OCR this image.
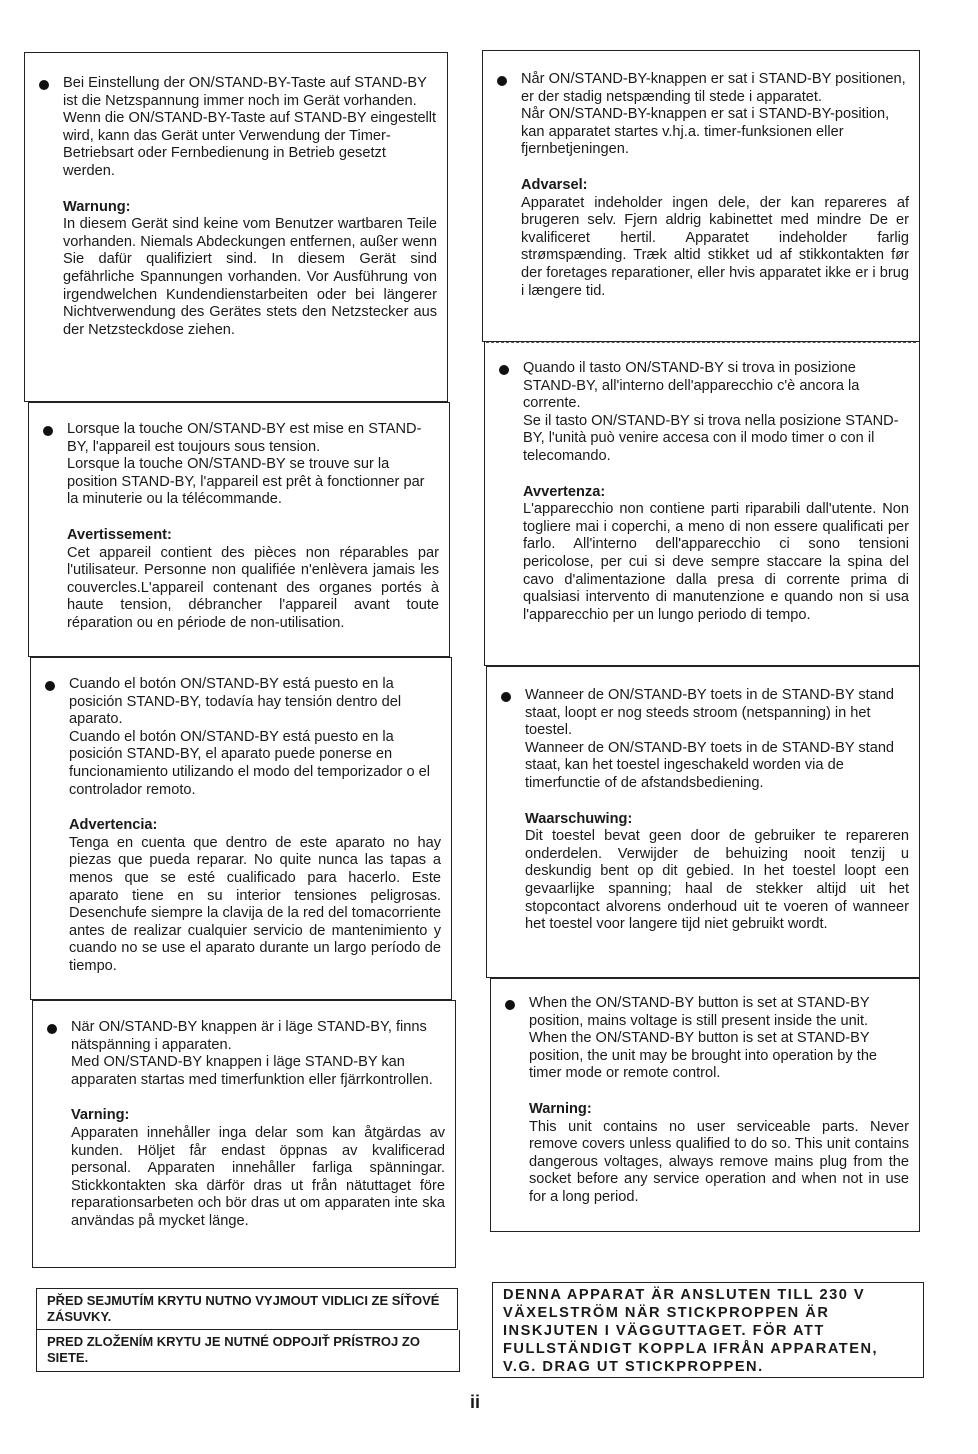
Bei Einstellung der ON/STAND-BY-Taste auf STAND-BY ist die Netzspannung immer noch im Gerät vorhanden.

Wenn die ON/STAND-BY-Taste auf STAND-BY eingestellt wird, kann das Gerät unter Verwendung der Timer-Betriebsart oder Fernbedienung in Betrieb gesetzt werden.

Warnung:

In diesem Gerät sind keine vom Benutzer wartbaren Teile vorhanden. Niemals Abdeckungen entfernen, außer wenn Sie dafür qualifiziert sind. In diesem Gerät sind gefährliche Spannungen vorhanden. Vor Ausführung von irgendwelchen Kundendienstarbeiten oder bei längerer Nichtverwendung des Gerätes stets den Netzstecker aus der Netzsteckdose ziehen.

Lorsque la touche ON/STAND-BY est mise en STAND-BY, l'appareil est toujours sous tension.

Lorsque la touche ON/STAND-BY se trouve sur la position STAND-BY, l'appareil est prêt à fonctionner par la minuterie ou la télécommande.

Avertissement:

Cet appareil contient des pièces non réparables par l'utilisateur. Personne non qualifiée n'enlèvera jamais les couvercles.L'appareil contenant des organes portés à haute tension, débrancher l'appareil avant toute réparation ou en période de non-utilisation.

Cuando el botón ON/STAND-BY está puesto en la posición STAND-BY, todavía hay tensión dentro del aparato.

Cuando el botón ON/STAND-BY está puesto en la posición STAND-BY, el aparato puede ponerse en funcionamiento utilizando el modo del temporizador o el controlador remoto.

Advertencia:

Tenga en cuenta que dentro de este aparato no hay piezas que pueda reparar. No quite nunca las tapas a menos que se esté cualificado para hacerlo. Este aparato tiene en su interior tensiones peligrosas. Desenchufe siempre la clavija de la red del tomacorriente antes de realizar cualquier servicio de mantenimiento y cuando no se use el aparato durante un largo período de tiempo.

När ON/STAND-BY knappen är i läge STAND-BY, finns nätspänning i apparaten.

Med ON/STAND-BY knappen i läge STAND-BY kan apparaten startas med timerfunktion eller fjärrkontrollen.

Varning:

Apparaten innehåller inga delar som kan åtgärdas av kunden. Höljet får endast öppnas av kvalificerad personal. Apparaten innehåller farliga spänningar. Stickkontakten ska därför dras ut från nätuttaget före reparationsarbeten och bör dras ut om apparaten inte ska användas på mycket länge.

Når ON/STAND-BY-knappen er sat i STAND-BY positionen, er der stadig netspænding til stede i apparatet.

Når ON/STAND-BY-knappen er sat i STAND-BY-position, kan apparatet startes v.hj.a. timer-funksionen eller fjernbetjeningen.

Advarsel:

Apparatet indeholder ingen dele, der kan repareres af brugeren selv. Fjern aldrig kabinettet med mindre De er kvalificeret hertil. Apparatet indeholder farlig strømspænding. Træk altid stikket ud af stikkontakten før der foretages reparationer, eller hvis apparatet ikke er i brug i længere tid.

Quando il tasto ON/STAND-BY si trova in posizione STAND-BY, all'interno dell'apparecchio c'è ancora la corrente.

Se il tasto ON/STAND-BY si trova nella posizione STAND-BY, l'unità può venire accesa con il modo timer o con il telecomando.

Avvertenza:

L'apparecchio non contiene parti riparabili dall'utente. Non togliere mai i coperchi, a meno di non essere qualificati per farlo. All'interno dell'apparecchio ci sono tensioni pericolose, per cui si deve sempre staccare la spina del cavo d'alimentazione dalla presa di corrente prima di qualsiasi intervento di manutenzione e quando non si usa l'apparecchio per un lungo periodo di tempo.

Wanneer de ON/STAND-BY toets in de STAND-BY stand staat, loopt er nog steeds stroom (netspanning) in het toestel.

Wanneer de ON/STAND-BY toets in de STAND-BY stand staat, kan het toestel ingeschakeld worden via de timerfunctie of de afstandsbediening.

Waarschuwing:

Dit toestel bevat geen door de gebruiker te repareren onderdelen. Verwijder de behuizing nooit tenzij u deskundig bent op dit gebied. In het toestel loopt een gevaarlijke spanning; haal de stekker altijd uit het stopcontact alvorens onderhoud uit te voeren of wanneer het toestel voor langere tijd niet gebruikt wordt.

When the ON/STAND-BY button is set at STAND-BY position, mains voltage is still present inside the unit.

When the ON/STAND-BY button is set at STAND-BY position, the unit may be brought into operation by the timer mode or remote control.

Warning:

This unit contains no user serviceable parts. Never remove covers unless qualified to do so. This unit contains dangerous voltages, always remove mains plug from the socket before any service operation and when not in use for a long period.

PŘED SEJMUTÍM KRYTU NUTNO VYJMOUT VIDLICI ZE SÍŤOVÉ ZÁSUVKY.
PRED ZLOŽENÍM KRYTU JE NUTNÉ ODPOJIŤ PRÍSTROJ ZO SIETE.
DENNA APPARAT ÄR ANSLUTEN TILL 230 V VÄXELSTRÖM NÄR STICKPROPPEN ÄR INSKJUTEN I VÄGGUTTAGET. FÖR ATT FULLSTÄNDIGT KOPPLA IFRÅN APPARATEN, V.G. DRAG UT STICKPROPPEN.
ii
